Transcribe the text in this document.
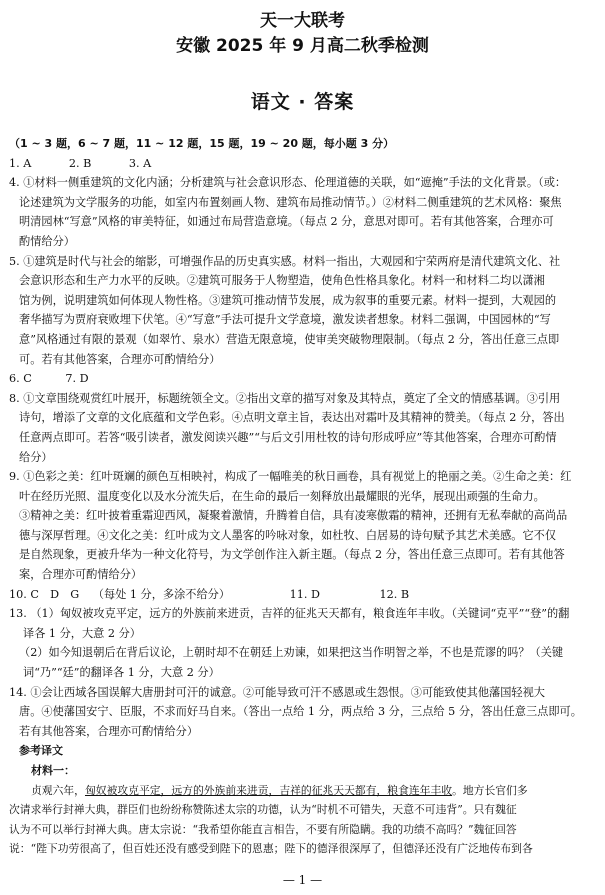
天一大联考
安徽 2025 年 9 月高二秋季检测
语文 · 答案
（1 ~ 3 题，6 ~ 7 题，11 ~ 12 题，15 题，19 ~ 20 题，每小题 3 分）
1. A	2. B	3. A
4. ①材料一侧重建筑的文化内涵；分析建筑与社会意识形态、伦理道德的关联，如“遮掩”手法的文化背景。（或：
论述建筑为文学服务的功能，如室内布置刻画人物、建筑布局推动情节。）②材料二侧重建筑的艺术风格：聚焦
明清园林“写意”风格的审美特征，如通过布局营造意境。（每点 2 分，意思对即可。若有其他答案，合理亦可
酌情给分）
5. ①建筑是时代与社会的缩影，可增强作品的历史真实感。材料一指出，大观园和宁荣两府是清代建筑文化、社
会意识形态和生产力水平的反映。②建筑可服务于人物塑造，使角色性格具象化。材料一和材料二均以潇湘
馆为例，说明建筑如何体现人物性格。③建筑可推动情节发展，成为叙事的重要元素。材料一提到，大观园的
奢华描写为贾府衰败埋下伏笔。④“写意”手法可提升文学意境，激发读者想象。材料二强调，中国园林的“写
意”风格通过有限的景观（如翠竹、泉水）营造无限意境，使审美突破物理限制。（每点 2 分，答出任意三点即
可。若有其他答案，合理亦可酌情给分）
6. C	7. D
8. ①文章围绕观赏红叶展开，标题统领全文。②指出文章的描写对象及其特点，奠定了全文的情感基调。③引用
诗句，增添了文章的文化底蕴和文学色彩。④点明文章主旨，表达出对霜叶及其精神的赞美。（每点 2 分，答出
任意两点即可。若答“吸引读者，激发阅读兴趣”“与后文引用杜牧的诗句形成呼应”等其他答案，合理亦可酌情
给分）
9. ①色彩之美：红叶斑斓的颜色互相映衬，构成了一幅唯美的秋日画卷，具有视觉上的艳丽之美。②生命之美：红
叶在经历光照、温度变化以及水分流失后，在生命的最后一刻释放出最耀眼的光华，展现出顽强的生命力。
③精神之美：红叶披着重霜迎西风，凝聚着激情，升腾着自信，具有凌寒傲霜的精神，还拥有无私奉献的高尚品
德与深厚哲理。④文化之美：红叶成为文人墨客的吟咏对象，如杜牧、白居易的诗句赋予其艺术美感。它不仅
是自然现象，更被升华为一种文化符号，为文学创作注入新主题。（每点 2 分，答出任意三点即可。若有其他答
案，合理亦可酌情给分）
10. C　D　G （每处 1 分，多涂不给分）	11. D	12. B
13. （1）匈奴被攻克平定，远方的外族前来进贡，吉祥的征兆天天都有，粮食连年丰收。（关键词“克平”“登”的翻
译各 1 分，大意 2 分）
（2）如今知退朝后在背后议论，上朝时却不在朝廷上劝谏，如果把这当作明智之举，不也是荒谬的吗？（关键
词“乃”“廷”的翻译各 1 分，大意 2 分）
14. ①会让西域各国误解大唐册封可汗的诚意。②可能导致可汗不感恩或生怨恨。③可能致使其他藩国轻视大
唐。④使藩国安宁、臣服，不求而好马自来。（答出一点给 1 分，两点给 3 分，三点给 5 分，答出任意三点即可。
若有其他答案，合理亦可酌情给分）
参考译文
材料一：
贞观六年，匈奴被攻克平定，远方的外族前来进贡，吉祥的征兆天天都有，粮食连年丰收。地方长官们多
次请求举行封禅大典，群臣们也纷纷称赞陈述太宗的功德，认为“时机不可错失，天意不可违背”。只有魏征
认为不可以举行封禅大典。唐太宗说：“我希望你能直言相告，不要有所隐瞒。我的功绩不高吗？”魏征回答
说：“陛下功劳很高了，但百姓还没有感受到陛下的恩惠；陛下的德泽很深厚了，但德泽还没有广泛地传布到各
— 1 —
